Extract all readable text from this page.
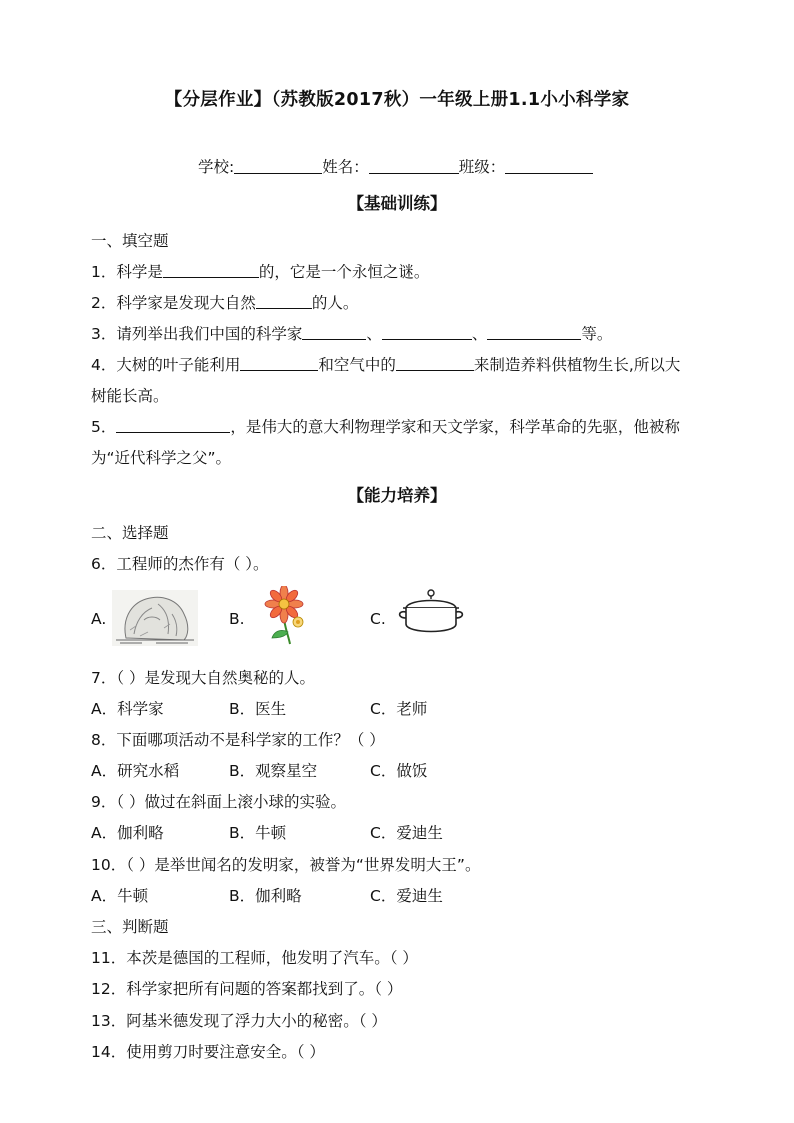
【分层作业】（苏教版2017秋）一年级上册1.1小小科学家
学校:	姓名：	班级：
【基础训练】
一、填空题
1．科学是	的，它是一个永恒之谜。
2．科学家是发现大自然	的人。
3．请列举出我们中国的科学家	、	、	等。
4．大树的叶子能利用	和空气中的	来制造养料供植物生长,所以大
树能长高。
5．	，是伟大的意大利物理学家和天文学家，科学革命的先驱，他被称
为“近代科学之父”。
【能力培养】
二、选择题
6．工程师的杰作有（ ）。
A.	B.	C.
7．（ ）是发现大自然奥秘的人。
A．科学家	B．医生	C．老师
8．下面哪项活动不是科学家的工作？（ ）
A．研究水稻	B．观察星空	C．做饭
9．（ ）做过在斜面上滚小球的实验。
A．伽利略	B．牛顿	C．爱迪生
10．（ ）是举世闻名的发明家，被誉为“世界发明大王”。
A．牛顿	B．伽利略	C．爱迪生
三、判断题
11．本茨是德国的工程师，他发明了汽车。（ ）
12．科学家把所有问题的答案都找到了。（ ）
13．阿基米德发现了浮力大小的秘密。（ ）
14．使用剪刀时要注意安全。（ ）
